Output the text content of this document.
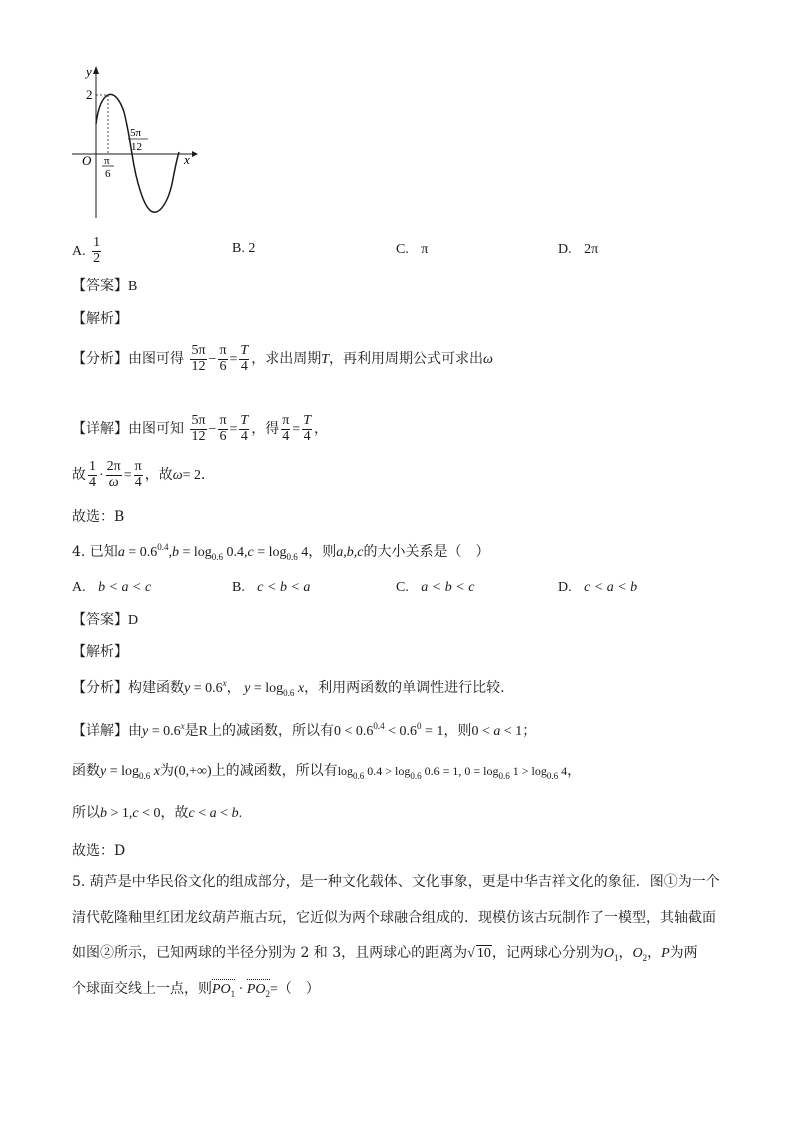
y
x
O
2
π
6
5π
12
A. $\frac{1}{2}$	B. 2	C. π	D. 2π
【答案】B
【解析】
【分析】由图可得 $\frac{5\pi}{12} - \frac{\pi}{6} = \frac{T}{4}$ ，求出周期T，再利用周期公式可求出ω
【详解】由图可知 $\frac{5\pi}{12} - \frac{\pi}{6} = \frac{T}{4}$ ，得 $\frac{\pi}{4} = \frac{T}{4}$ ，
故 $\frac{1}{4} \cdot \frac{2\pi}{\omega} = \frac{\pi}{4}$ ，故ω= 2．
故选：B
4. 已知$a = 0.6^{0.4},b = \log_{0.6} 0.4,c = \log_{0.6} 4$，则a,b,c的大小关系是（　）
A. b < a < c	B. c < b < a	C. a < b < c	D. c < a < b
【答案】D
【解析】
【分析】构建函数$y = 0.6^x$， $y = \log_{0.6} x$，利用两函数的单调性进行比较.
【详解】由$y = 0.6^x$是R上的减函数，所以有$0 < 0.6^{0.4} < 0.6^0 = 1$，则0 < a < 1；
函数$y = \log_{0.6} x$为(0,+∞)上的减函数，所以有$\log_{0.6} 0.4 > \log_{0.6} 0.6 = 1$, $0 = \log_{0.6} 1 > \log_{0.6} 4$，
所以b > 1,c < 0，故c < a < b.
故选：D
5. 葫芦是中华民俗文化的组成部分，是一种文化载体、文化事象，更是中华吉祥文化的象征．图①为一个
清代乾隆釉里红团龙纹葫芦瓶古玩，它近似为两个球融合组成的．现模仿该古玩制作了一模型，其轴截面
如图②所示，已知两球的半径分别为 2 和 3，且两球心的距离为√ 10，记两球心分别为$O_1$，$O_2$，P为两
个球面交线上一点，则$PO_1 \cdot PO_2=$（　）
